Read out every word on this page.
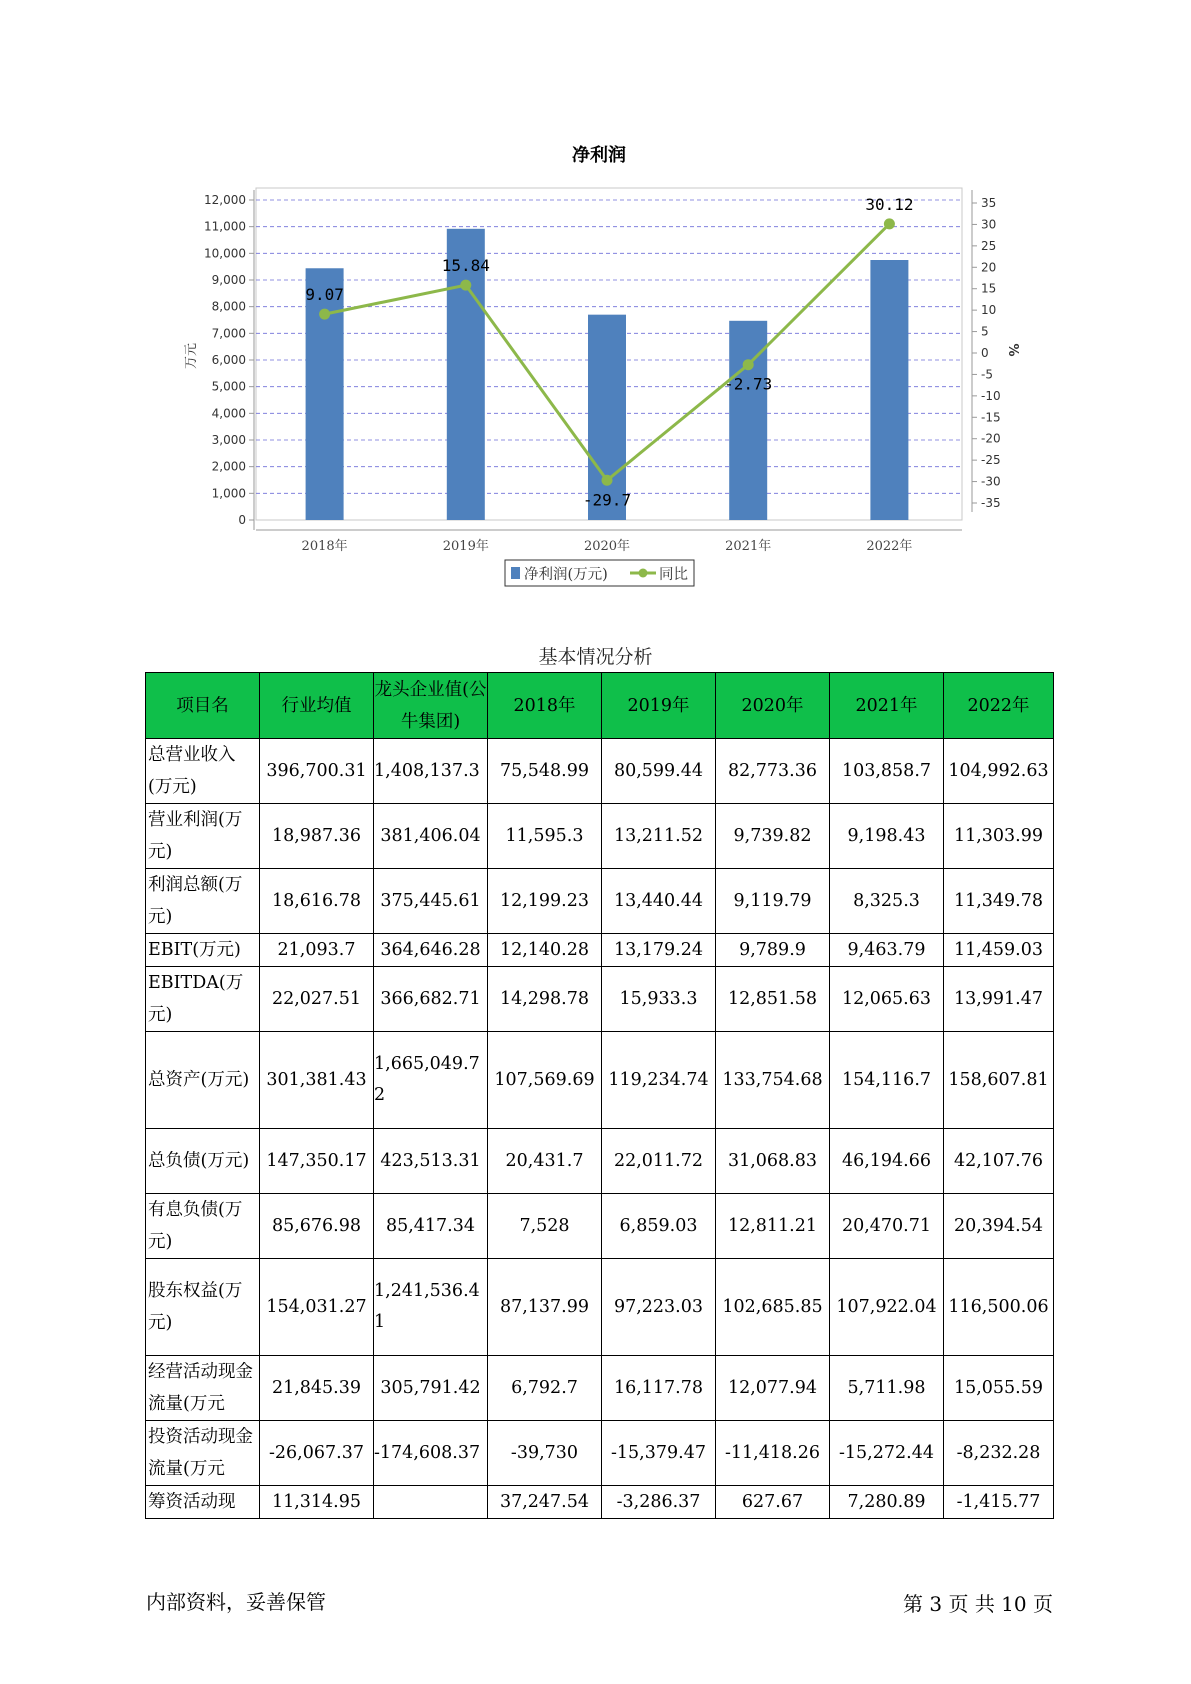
净利润
0
1,000
2,000
3,000
4,000
5,000
6,000
7,000
8,000
9,000
10,000
11,000
12,000	35
30
25
20
15
10
5
0
-5
-10
-15
-20
-25
-30
-35
2018年	2019年	2020年	2021年	2022年
9.07
15.84
-29.7
-2.73
30.12
万元	%
净利润(万元)	同比
基本情况分析
项目名	行业均值	龙头企业值(公牛集团)	2018年	2019年	2020年	2021年	2022年
总营业收入(万元)	396,700.31	1,408,137.3	75,548.99	80,599.44	82,773.36	103,858.7	104,992.63
营业利润(万元)	18,987.36	381,406.04	11,595.3	13,211.52	9,739.82	9,198.43	11,303.99
利润总额(万元)	18,616.78	375,445.61	12,199.23	13,440.44	9,119.79	8,325.3	11,349.78
EBIT(万元)	21,093.7	364,646.28	12,140.28	13,179.24	9,789.9	9,463.79	11,459.03
EBITDA(万元)	22,027.51	366,682.71	14,298.78	15,933.3	12,851.58	12,065.63	13,991.47
总资产(万元)	301,381.43	1,665,049.72	107,569.69	119,234.74	133,754.68	154,116.7	158,607.81
总负债(万元)	147,350.17	423,513.31	20,431.7	22,011.72	31,068.83	46,194.66	42,107.76
有息负债(万元)	85,676.98	85,417.34	7,528	6,859.03	12,811.21	20,470.71	20,394.54
股东权益(万元)	154,031.27	1,241,536.41	87,137.99	97,223.03	102,685.85	107,922.04	116,500.06
经营活动现金流量(万元	21,845.39	305,791.42	6,792.7	16,117.78	12,077.94	5,711.98	15,055.59
投资活动现金流量(万元	-26,067.37	-174,608.37	-39,730	-15,379.47	-11,418.26	-15,272.44	-8,232.28
筹资活动现	11,314.95		37,247.54	-3,286.37	627.67	7,280.89	-1,415.77
内部资料，妥善保管	第 3 页 共 10 页
